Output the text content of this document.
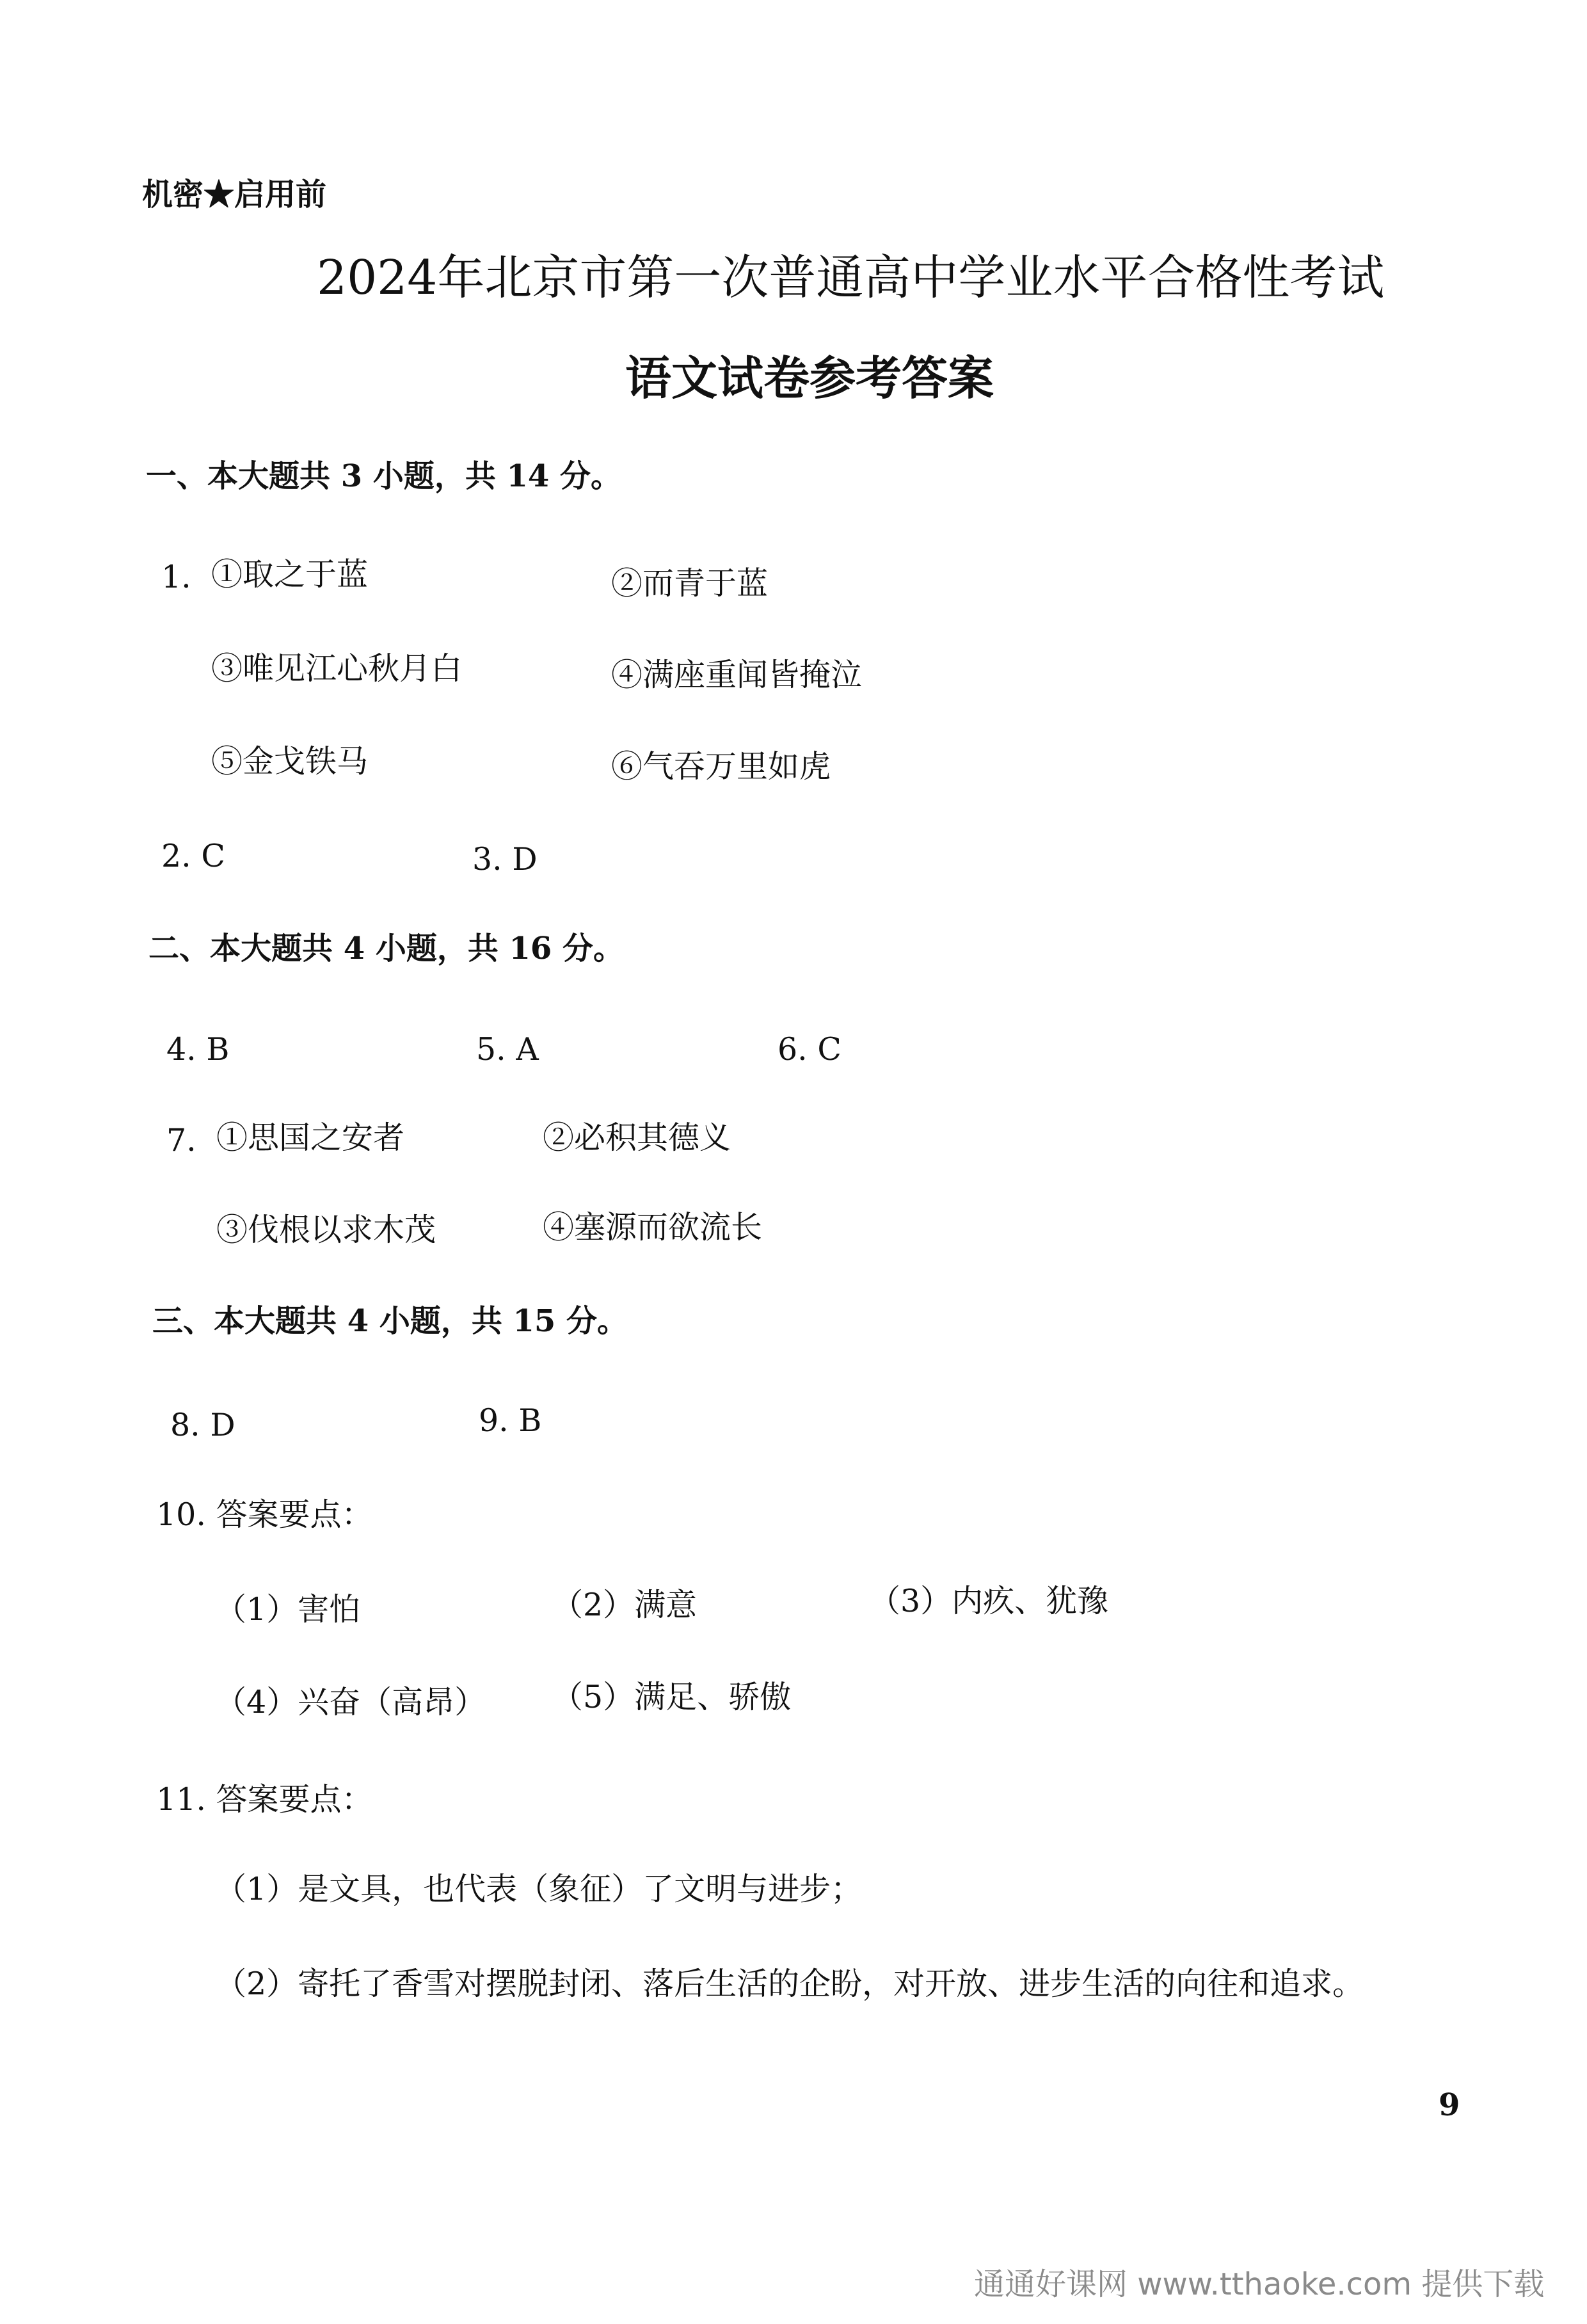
机密★启用前
2024年北京市第一次普通高中学业水平合格性考试
语文试卷参考答案
一、本大题共 3 小题，共 14 分。
1. ①取之于蓝	②而青于蓝
③唯见江心秋月白	④满座重闻皆掩泣
⑤金戈铁马	⑥气吞万里如虎
2. C	3. D
二、本大题共 4 小题，共 16 分。
4. B	5. A	6. C
7. ①思国之安者	②必积其德义
③伐根以求木茂	④塞源而欲流长
三、本大题共 4 小题，共 15 分。
8. D	9. B
10. 答案要点：
（1）害怕	（2）满意	（3）内疚、犹豫
（4）兴奋（高昂） （5）满足、骄傲
11. 答案要点：
（1）是文具，也代表（象征）了文明与进步；
（2）寄托了香雪对摆脱封闭、落后生活的企盼，对开放、进步生活的向往和追求。
9
通通好课网 www.tthaoke.com 提供下载
